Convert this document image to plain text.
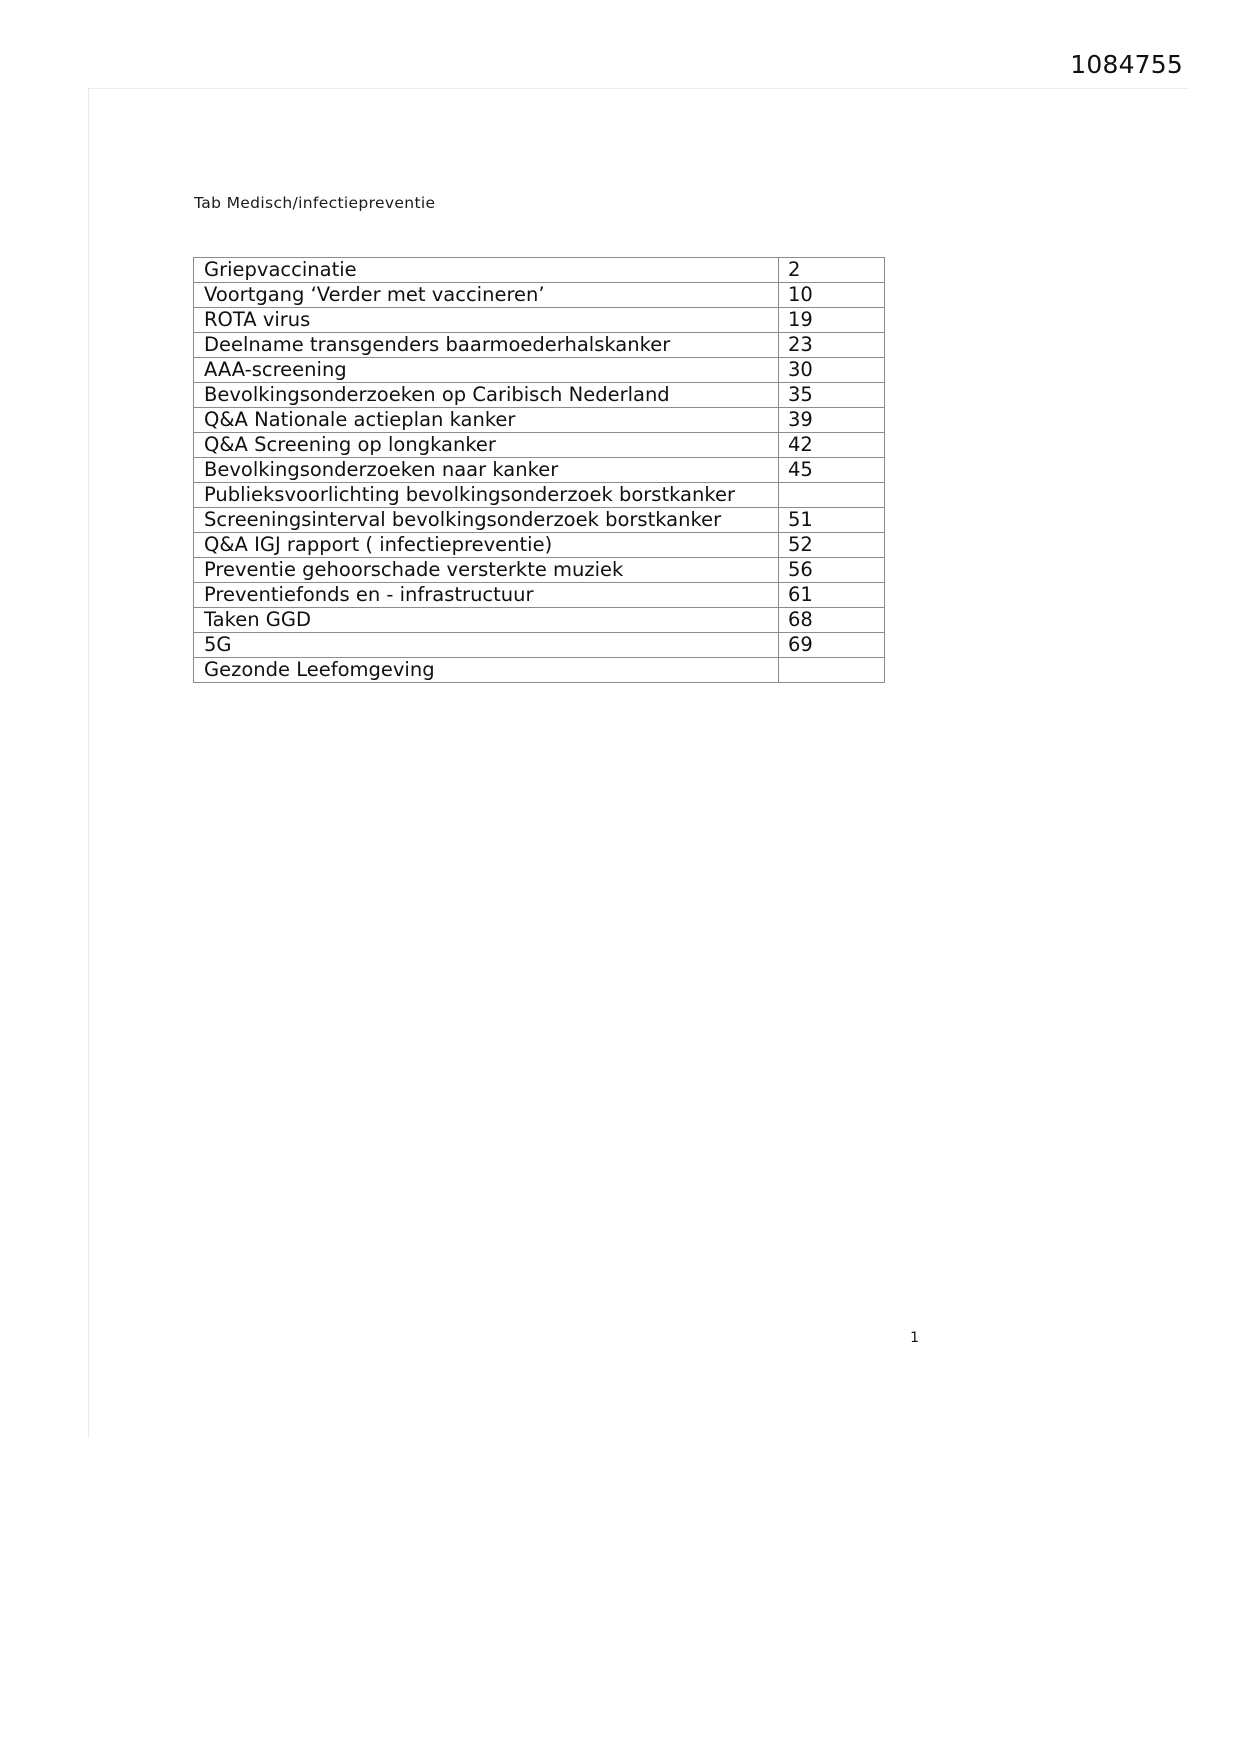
1084755
Tab Medisch/infectiepreventie
Griepvaccinatie	2
Voortgang ‘Verder met vaccineren’	10
ROTA virus	19
Deelname transgenders baarmoederhalskanker	23
AAA-screening	30
Bevolkingsonderzoeken op Caribisch Nederland	35
Q&A Nationale actieplan kanker	39
Q&A Screening op longkanker	42
Bevolkingsonderzoeken naar kanker	45
Publieksvoorlichting bevolkingsonderzoek borstkanker	
Screeningsinterval bevolkingsonderzoek borstkanker	51
Q&A IGJ rapport ( infectiepreventie)	52
Preventie gehoorschade versterkte muziek	56
Preventiefonds en - infrastructuur	61
Taken GGD	68
5G	69
Gezonde Leefomgeving	
1
